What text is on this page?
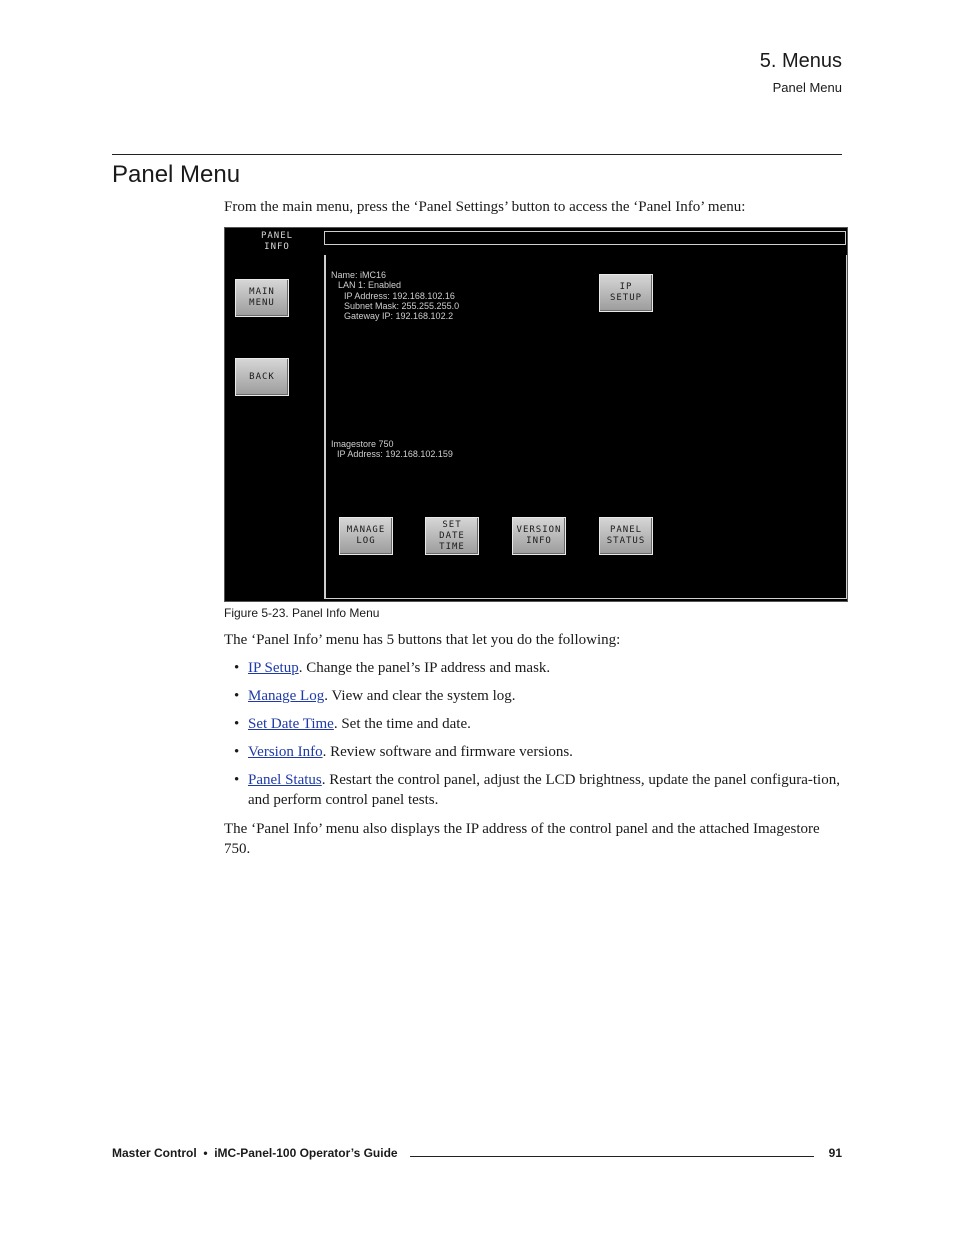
5. Menus
Panel Menu
Panel Menu
From the main menu, press the ‘Panel Settings’ button to access the ‘Panel Info’ menu:
PANEL
INFO
MAIN
MENU
BACK
IP
SETUP
Name: iMC16
LAN 1: Enabled
IP Address: 192.168.102.16
Subnet Mask: 255.255.255.0
Gateway IP: 192.168.102.2
Imagestore 750
IP Address: 192.168.102.159
MANAGE
LOG
SET
DATE
TIME
VERSION
INFO
PANEL
STATUS
Figure 5-23. Panel Info Menu
The ‘Panel Info’ menu has 5 buttons that let you do the following:
• IP Setup. Change the panel’s IP address and mask.
• Manage Log. View and clear the system log.
• Set Date Time. Set the time and date.
• Version Info. Review software and firmware versions.
• Panel Status. Restart the control panel, adjust the LCD brightness, update the panel configura-tion, and perform control panel tests.
The ‘Panel Info’ menu also displays the IP address of the control panel and the attached Imagestore 750.
Master Control  •  iMC-Panel-100 Operator’s Guide	91
